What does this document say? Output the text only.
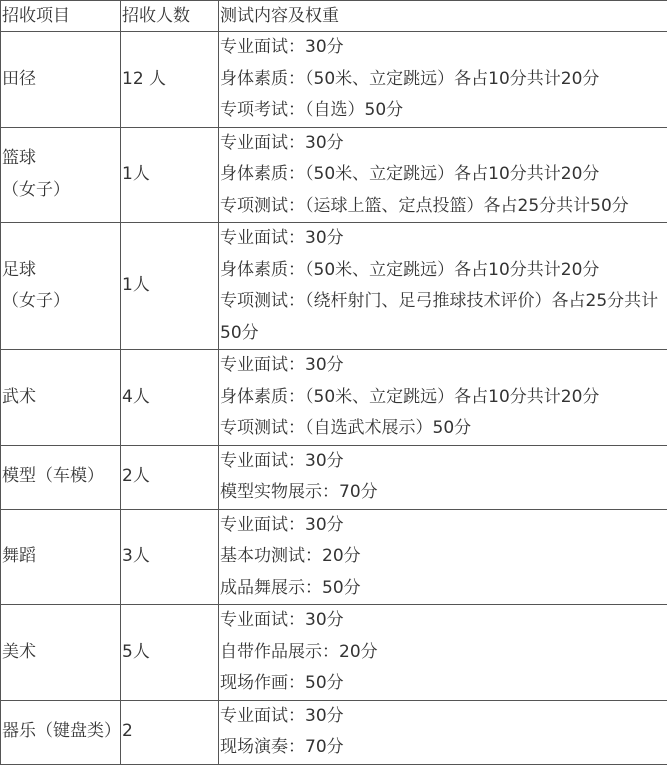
招收项目	招收人数	测试内容及权重

田径	12 人	专业面试：30分
身体素质：（50米、立定跳远）各占10分共计20分
专项考试：（自选）50分

篮球
（女子）	1人	专业面试：30分
身体素质：（50米、立定跳远）各占10分共计20分
专项测试：（运球上篮、定点投篮）各占25分共计50分

足球
（女子）	1人	专业面试：30分
身体素质：（50米、立定跳远）各占10分共计20分
专项测试：（绕杆射门、足弓推球技术评价）各占25分共计50分

武术	4人	专业面试：30分
身体素质：（50米、立定跳远）各占10分共计20分
专项测试：（自选武术展示）50分

模型（车模）	2人	专业面试：30分
模型实物展示：70分

舞蹈	3人	专业面试：30分
基本功测试：20分
成品舞展示：50分

美术	5人	专业面试：30分
自带作品展示：20分
现场作画：50分

器乐（键盘类）	2	专业面试：30分
现场演奏：70分
